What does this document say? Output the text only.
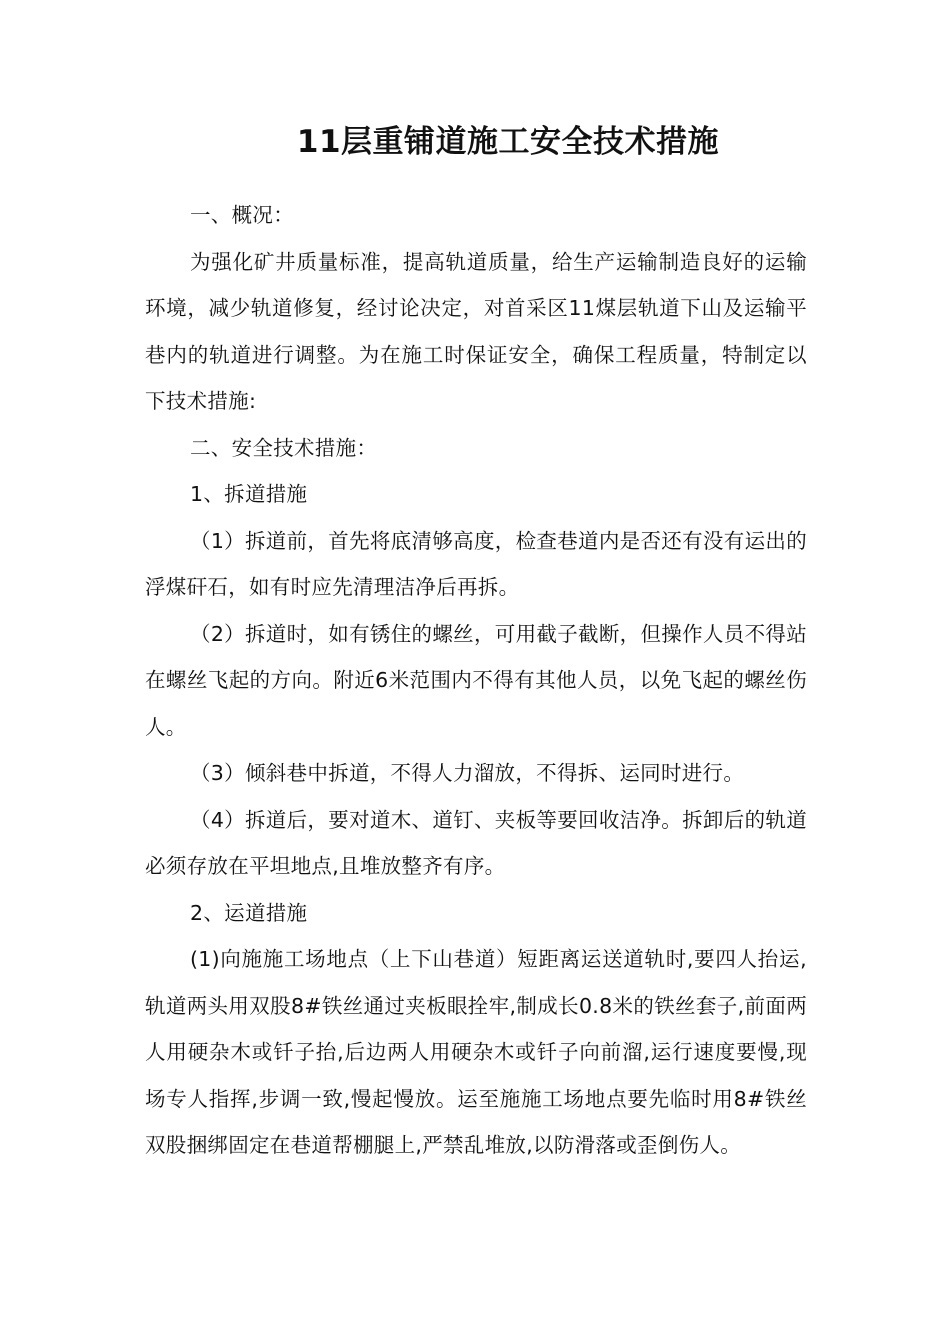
11层重铺道施工安全技术措施

一、概况：

为强化矿井质量标准，提高轨道质量，给生产运输制造良好的运输环境，减少轨道修复，经讨论决定，对首采区11煤层轨道下山及运输平巷内的轨道进行调整。为在施工时保证安全，确保工程质量，特制定以下技术措施:

二、安全技术措施：

1、拆道措施

（1）拆道前，首先将底清够高度，检查巷道内是否还有没有运出的浮煤矸石，如有时应先清理洁净后再拆。

（2）拆道时，如有锈住的螺丝，可用截子截断，但操作人员不得站在螺丝飞起的方向。附近6米范围内不得有其他人员，以免飞起的螺丝伤人。

（3）倾斜巷中拆道，不得人力溜放，不得拆、运同时进行。

（4）拆道后，要对道木、道钉、夹板等要回收洁净。拆卸后的轨道必须存放在平坦地点,且堆放整齐有序。

2、运道措施

(1)向施施工场地点（上下山巷道）短距离运送道轨时,要四人抬运,轨道两头用双股8#铁丝通过夹板眼拴牢,制成长0.8米的铁丝套子,前面两人用硬杂木或钎子抬,后边两人用硬杂木或钎子向前溜,运行速度要慢,现场专人指挥,步调一致,慢起慢放。运至施施工场地点要先临时用8#铁丝双股捆绑固定在巷道帮棚腿上,严禁乱堆放,以防滑落或歪倒伤人。
